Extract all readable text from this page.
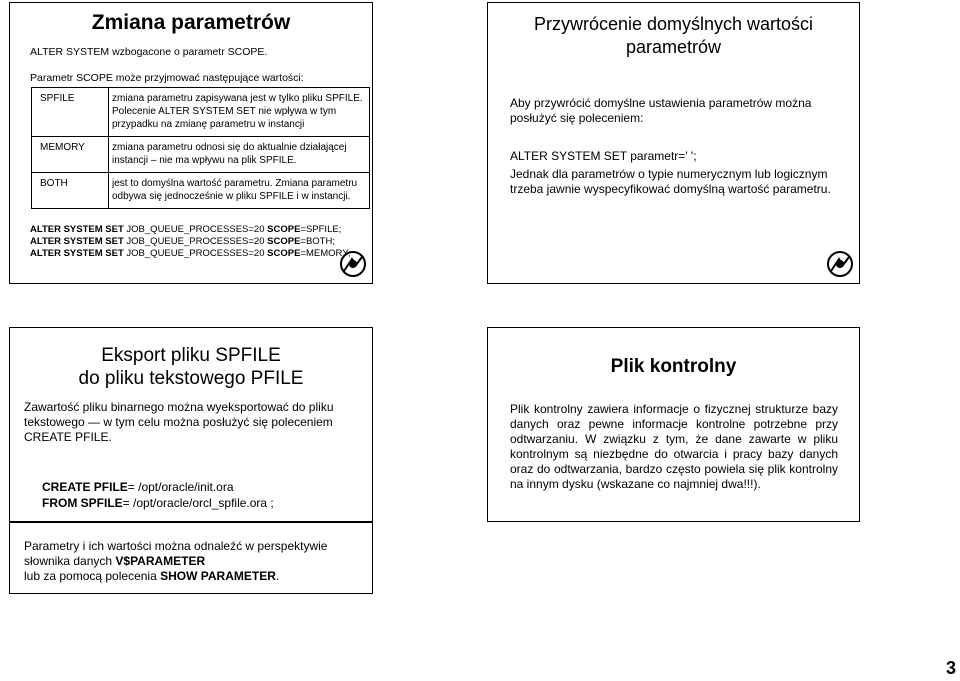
Zmiana parametrów
ALTER SYSTEM wzbogacone o parametr SCOPE.
Parametr SCOPE może przyjmować następujące wartości:
SPFILE	zmiana parametru zapisywana jest w tylko pliku SPFILE. Polecenie ALTER SYSTEM SET nie wpływa w tym przypadku na zmianę parametru w instancji
MEMORY	zmiana parametru odnosi się do aktualnie działającej instancji – nie ma wpływu na plik SPFILE.
BOTH	jest to domyślna wartość parametru. Zmiana parametru odbywa się jednocześnie w pliku SPFILE i w instancji.
ALTER SYSTEM SET JOB_QUEUE_PROCESSES=20 SCOPE=SPFILE;
ALTER SYSTEM SET JOB_QUEUE_PROCESSES=20 SCOPE=BOTH;
ALTER SYSTEM SET JOB_QUEUE_PROCESSES=20 SCOPE=MEMORY;
Przywrócenie domyślnych wartości parametrów
Aby przywrócić domyślne ustawienia parametrów można posłużyć się poleceniem:
ALTER SYSTEM SET parametr=' ';
Jednak dla parametrów o typie numerycznym lub logicznym trzeba jawnie wyspecyfikować domyślną wartość parametru.
Eksport pliku SPFILE
do pliku tekstowego PFILE
Zawartość pliku binarnego można wyeksportować do pliku tekstowego — w tym celu można posłużyć się poleceniem CREATE PFILE.
CREATE PFILE= /opt/oracle/init.ora
FROM SPFILE= /opt/oracle/orcl_spfile.ora ;
Parametry i ich wartości można odnaleźć w perspektywie słownika danych V$PARAMETER
lub za pomocą polecenia SHOW PARAMETER.
Plik kontrolny
Plik kontrolny zawiera informacje o fizycznej strukturze bazy danych oraz pewne informacje kontrolne potrzebne przy odtwarzaniu. W związku z tym, że dane zawarte w pliku kontrolnym są niezbędne do otwarcia i pracy bazy danych oraz do odtwarzania, bardzo często powiela się plik kontrolny na innym dysku (wskazane co najmniej dwa!!!).
3
